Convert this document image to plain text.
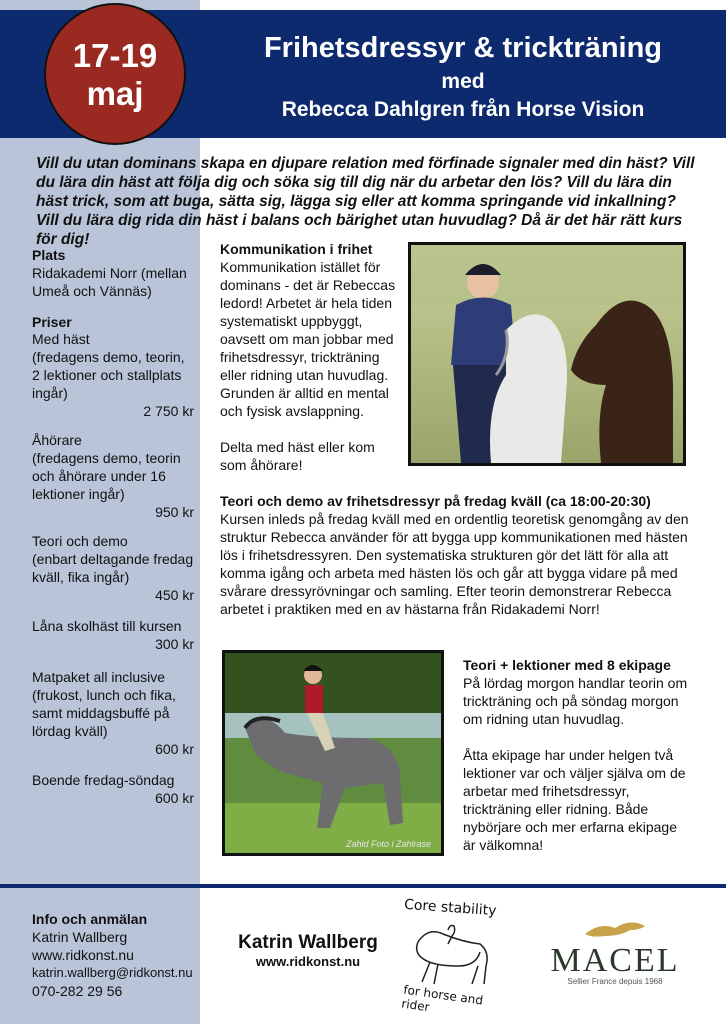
Frihetsdressyr & trickträning
med
Rebecca Dahlgren från Horse Vision
17-19
maj
Vill du utan dominans skapa en djupare relation med förfinade signaler med din häst? Vill du lära din häst att följa dig och söka sig till dig när du arbetar den lös? Vill du lära din häst trick, som att buga, sätta sig, lägga sig eller att komma springande vid inkallning? Vill du lära dig rida din häst i balans och bärighet utan huvudlag? Då är det här rätt kurs för dig!
Plats
Ridakademi Norr (mellan Umeå och Vännäs)
Priser
Med häst
(fredagens demo, teorin, 2 lektioner och stallplats ingår)
2 750 kr
Åhörare
(fredagens demo, teorin och åhörare under 16 lektioner ingår)
950 kr
Teori och demo
(enbart deltagande fredag kväll, fika ingår)
450 kr
Låna skolhäst till kursen
300 kr
Matpaket all inclusive
(frukost, lunch och fika, samt middagsbuffé på lördag kväll)
600 kr
Boende fredag-söndag
600 kr
Kommunikation i frihet
Kommunikation istället för dominans - det är Rebeccas ledord! Arbetet är hela tiden systematiskt uppbyggt, oavsett om man jobbar med frihetsdressyr, trickträning eller ridning utan huvudlag. Grunden är alltid en mental och fysisk avslappning.
Delta med häst eller kom som åhörare!
Teori och demo av frihetsdressyr på fredag kväll (ca 18:00-20:30)
Kursen inleds på fredag kväll med en ordentlig teoretisk genomgång av den struktur Rebecca använder för att bygga upp kommunikationen med hästen lös i frihetsdressyren. Den systematiska strukturen gör det lätt för alla att komma igång och arbeta med hästen lös och går att bygga vidare på med svårare dressyrövningar och samling. Efter teorin demonstrerar Rebecca arbetet i praktiken med en av hästarna från Ridakademi Norr!
Zahld Foto i Zahlrase
Teori + lektioner med 8 ekipage
På lördag morgon handlar teorin om trickträning och på söndag morgon om ridning utan huvudlag.
Åtta ekipage har under helgen två lektioner var och väljer själva om de arbetar med frihetsdressyr, trickträning eller ridning. Både nybörjare och mer erfarna ekipage är välkomna!
Info och anmälan
Katrin Wallberg
www.ridkonst.nu
katrin.wallberg@ridkonst.nu
070-282 29 56
Katrin Wallberg
www.ridkonst.nu
Core stability
for horse and rider
MACEL
Sellier France depuis 1968
